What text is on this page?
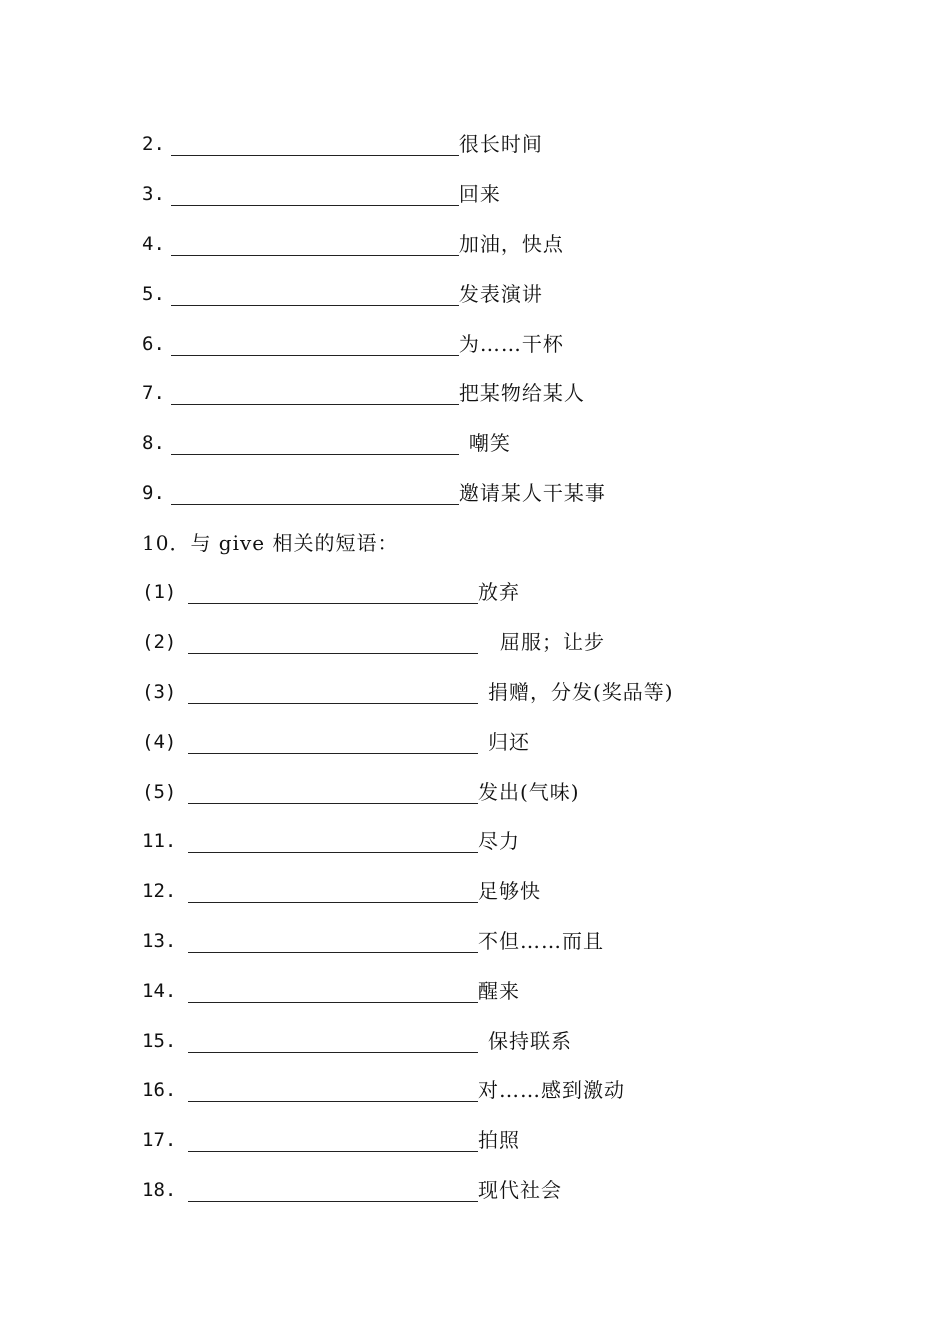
2.	很长时间
3.	回来
4.	加油，快点
5.	发表演讲
6.	为……干杯
7.	把某物给某人
8.	嘲笑
9.	邀请某人干某事
10．与 give 相关的短语：
(1)	放弃
(2)	屈服；让步
(3)	捐赠，分发(奖品等)
(4)	归还
(5)	发出(气味)
11.	尽力
12.	足够快
13.	不但……而且
14.	醒来
15.	保持联系
16.	对……感到激动
17.	拍照
18.	现代社会
